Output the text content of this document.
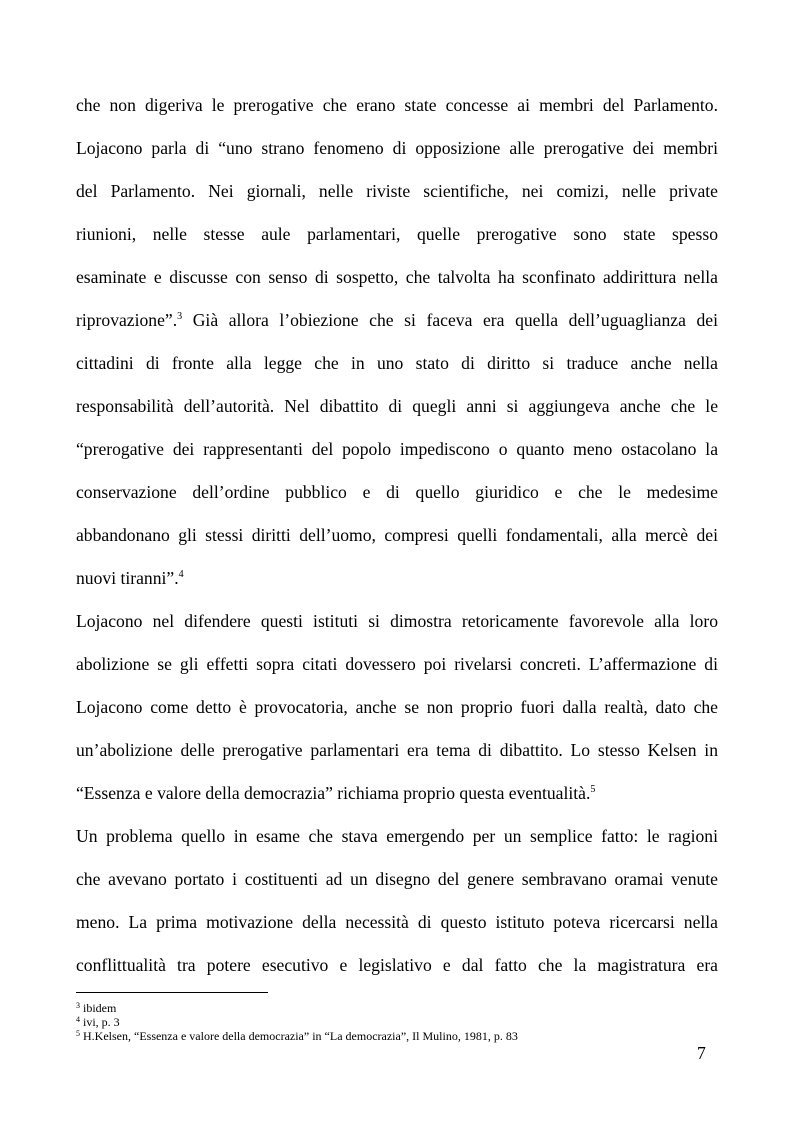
che non digeriva le prerogative che erano state concesse ai membri del Parlamento.
Lojacono parla di “uno strano fenomeno di opposizione alle prerogative dei membri
del Parlamento. Nei giornali, nelle riviste scientifiche, nei comizi, nelle private
riunioni, nelle stesse aule parlamentari, quelle prerogative sono state spesso
esaminate e discusse con senso di sospetto, che talvolta ha sconfinato addirittura nella
riprovazione”.$^3$ Già allora l’obiezione che si faceva era quella dell’uguaglianza dei
cittadini di fronte alla legge che in uno stato di diritto si traduce anche nella
responsabilità dell’autorità. Nel dibattito di quegli anni si aggiungeva anche che le
“prerogative dei rappresentanti del popolo impediscono o quanto meno ostacolano la
conservazione dell’ordine pubblico e di quello giuridico e che le medesime
abbandonano gli stessi diritti dell’uomo, compresi quelli fondamentali, alla mercè dei
nuovi tiranni”.$^4$
Lojacono nel difendere questi istituti si dimostra retoricamente favorevole alla loro
abolizione se gli effetti sopra citati dovessero poi rivelarsi concreti. L’affermazione di
Lojacono come detto è provocatoria, anche se non proprio fuori dalla realtà, dato che
un’abolizione delle prerogative parlamentari era tema di dibattito. Lo stesso Kelsen in
“Essenza e valore della democrazia” richiama proprio questa eventualità.$^5$
Un problema quello in esame che stava emergendo per un semplice fatto: le ragioni
che avevano portato i costituenti ad un disegno del genere sembravano oramai venute
meno. La prima motivazione della necessità di questo istituto poteva ricercarsi nella
conflittualità tra potere esecutivo e legislativo e dal fatto che la magistratura era
$^3$ ibidem
$^4$ ivi, p. 3
$^5$ H.Kelsen, “Essenza e valore della democrazia” in “La democrazia”, Il Mulino, 1981, p. 83
7
